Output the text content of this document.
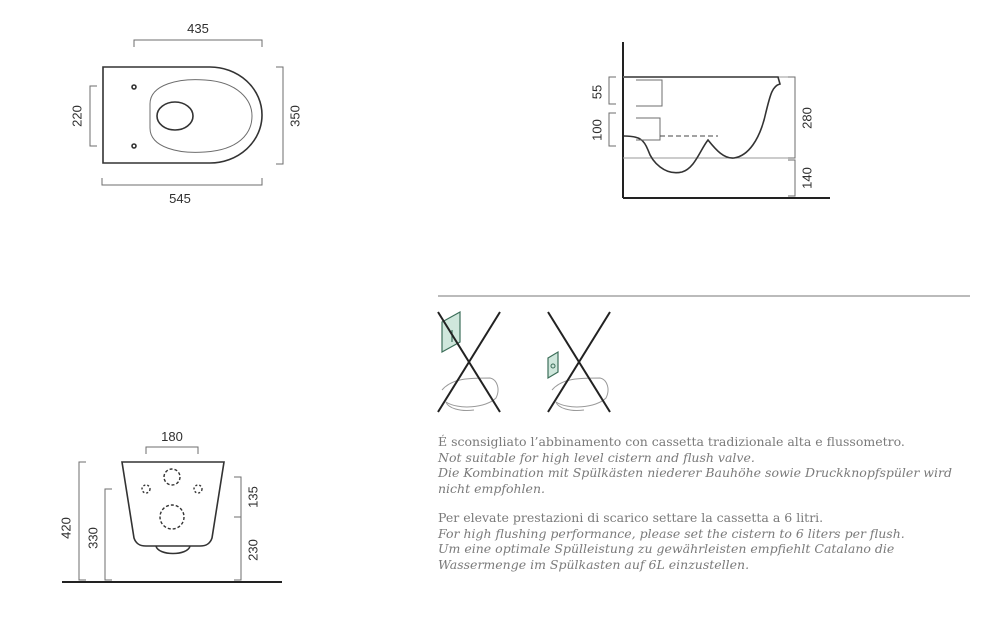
435
545
220	350
55
100
280
140
180
420 330
135
230

É sconsigliato l’abbinamento con cassetta tradizionale alta e flussometro.

Not suitable for high level cistern and flush valve.

Die Kombination mit Spülkästen niederer Bauhöhe sowie Druckknopfspüler wird nicht empfohlen.

Per elevate prestazioni di scarico settare la cassetta a 6 litri.

For high flushing performance, please set the cistern to 6 liters per flush.

Um eine optimale Spülleistung zu gewährleisten empfiehlt Catalano die Wassermenge im Spülkasten auf 6L einzustellen.
